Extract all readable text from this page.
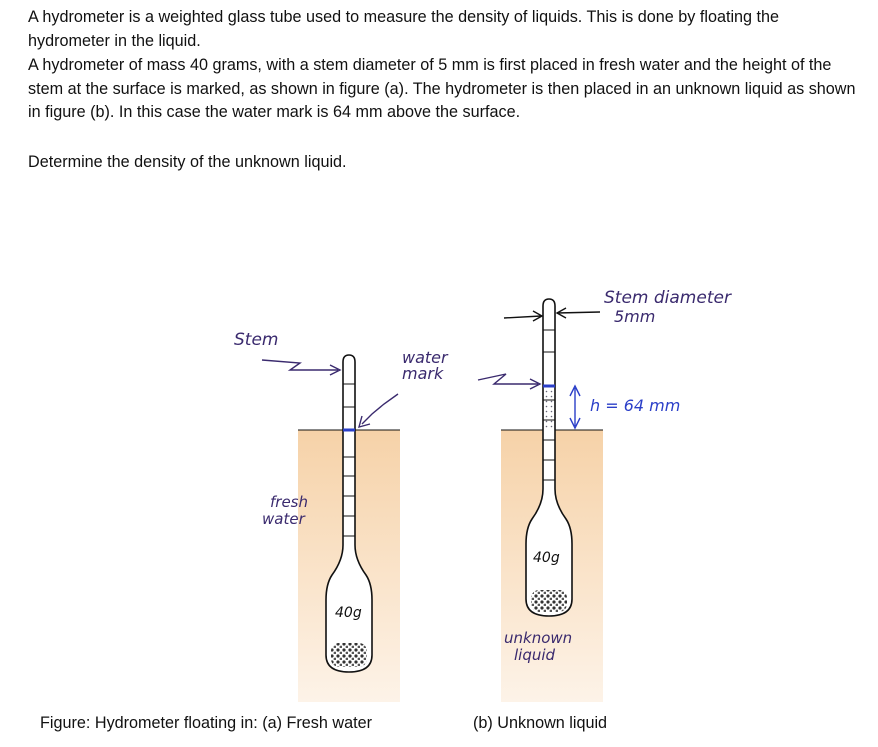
A hydrometer is a weighted glass tube used to measure the density of liquids. This is done by floating the hydrometer in the liquid.

A hydrometer of mass 40 grams, with a stem diameter of 5 mm is first placed in fresh water and the height of the stem at the surface is marked, as shown in figure (a). The hydrometer is then placed in an unknown liquid as shown in figure (b). In this case the water mark is 64 mm above the surface.

Determine the density of the unknown liquid.

40g
Stem
water
mark
fresh
water
40g
Stem diameter
5mm
h = 64 mm
unknown
liquid
Figure: Hydrometer floating in: (a) Fresh water	(b) Unknown liquid
